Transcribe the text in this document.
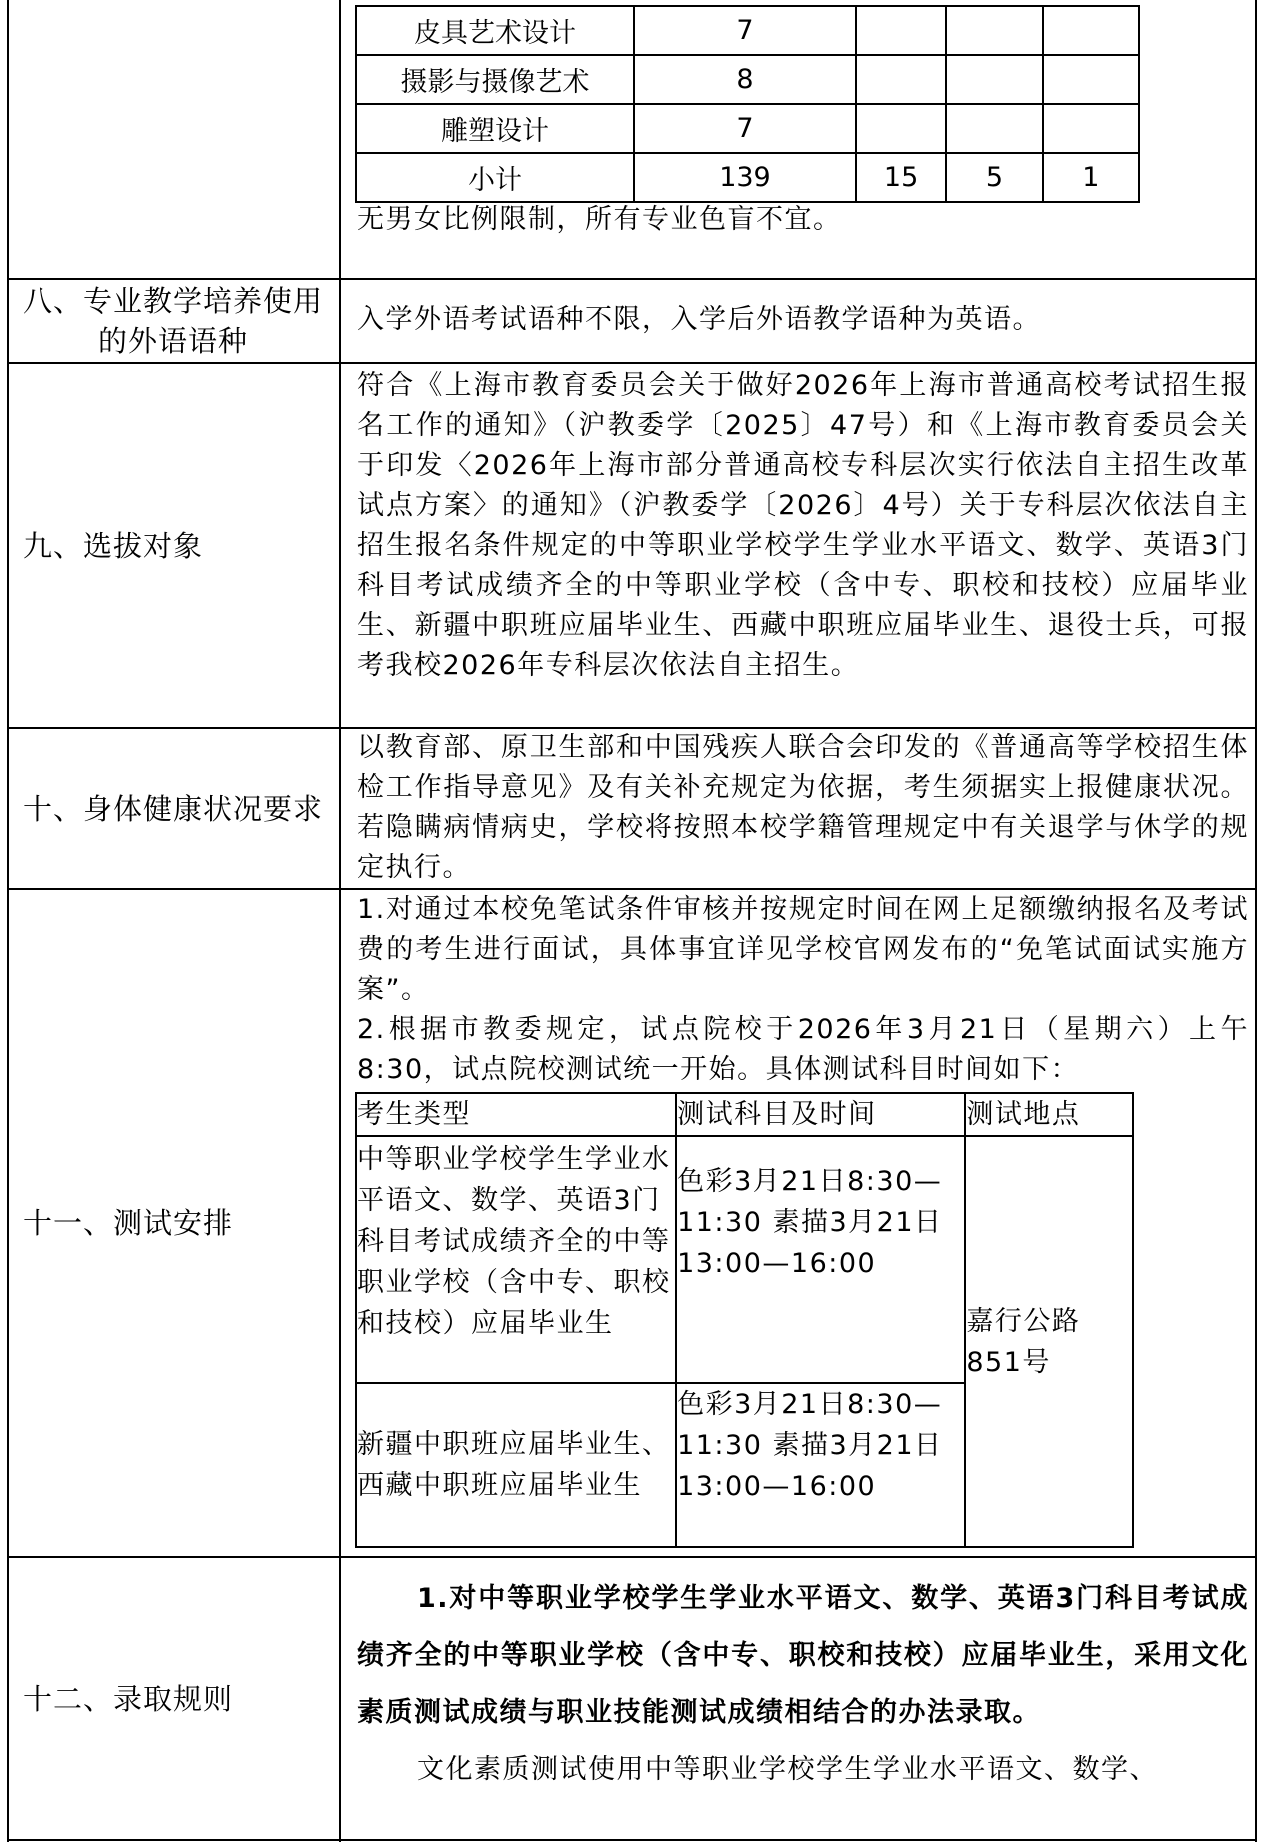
皮具艺术设计	7			
摄影与摄像艺术	8			
雕塑设计	7			
小计	139	15	5	1
无男女比例限制，所有专业色盲不宜。
八、专业教学培养使用
的外语语种
入学外语考试语种不限，入学后外语教学语种为英语。
九、选拔对象
符合《上海市教育委员会关于做好2026年上海市普通高校考试招生报名工作的通知》（沪教委学〔2025〕47号）和《上海市教育委员会关于印发〈2026年上海市部分普通高校专科层次实行依法自主招生改革试点方案〉的通知》（沪教委学〔2026〕4号）关于专科层次依法自主招生报名条件规定的中等职业学校学生学业水平语文、数学、英语3门科目考试成绩齐全的中等职业学校（含中专、职校和技校）应届毕业生、新疆中职班应届毕业生、西藏中职班应届毕业生、退役士兵，可报考我校2026年专科层次依法自主招生。
十、身体健康状况要求
以教育部、原卫生部和中国残疾人联合会印发的《普通高等学校招生体检工作指导意见》及有关补充规定为依据，考生须据实上报健康状况。若隐瞒病情病史，学校将按照本校学籍管理规定中有关退学与休学的规定执行。
十一、测试安排

1.对通过本校免笔试条件审核并按规定时间在网上足额缴纳报名及考试费的考生进行面试，具体事宜详见学校官网发布的“免笔试面试实施方案”。

2.根据市教委规定，试点院校于2026年3月21日（星期六）上午8:30，试点院校测试统一开始。具体测试科目时间如下：

考生类型	测试科目及时间	测试地点
中等职业学校学生学业水平语文、数学、英语3门科目考试成绩齐全的中等职业学校（含中专、职校和技校）应届毕业生	色彩3月21日8:30—11:30 素描3月21日13:00—16:00	嘉行公路851号
新疆中职班应届毕业生、西藏中职班应届毕业生	色彩3月21日8:30—11:30 素描3月21日13:00—16:00	
十二、录取规则

1.对中等职业学校学生学业水平语文、数学、英语3门科目考试成绩齐全的中等职业学校（含中专、职校和技校）应届毕业生，采用文化素质测试成绩与职业技能测试成绩相结合的办法录取。

文化素质测试使用中等职业学校学生学业水平语文、数学、
